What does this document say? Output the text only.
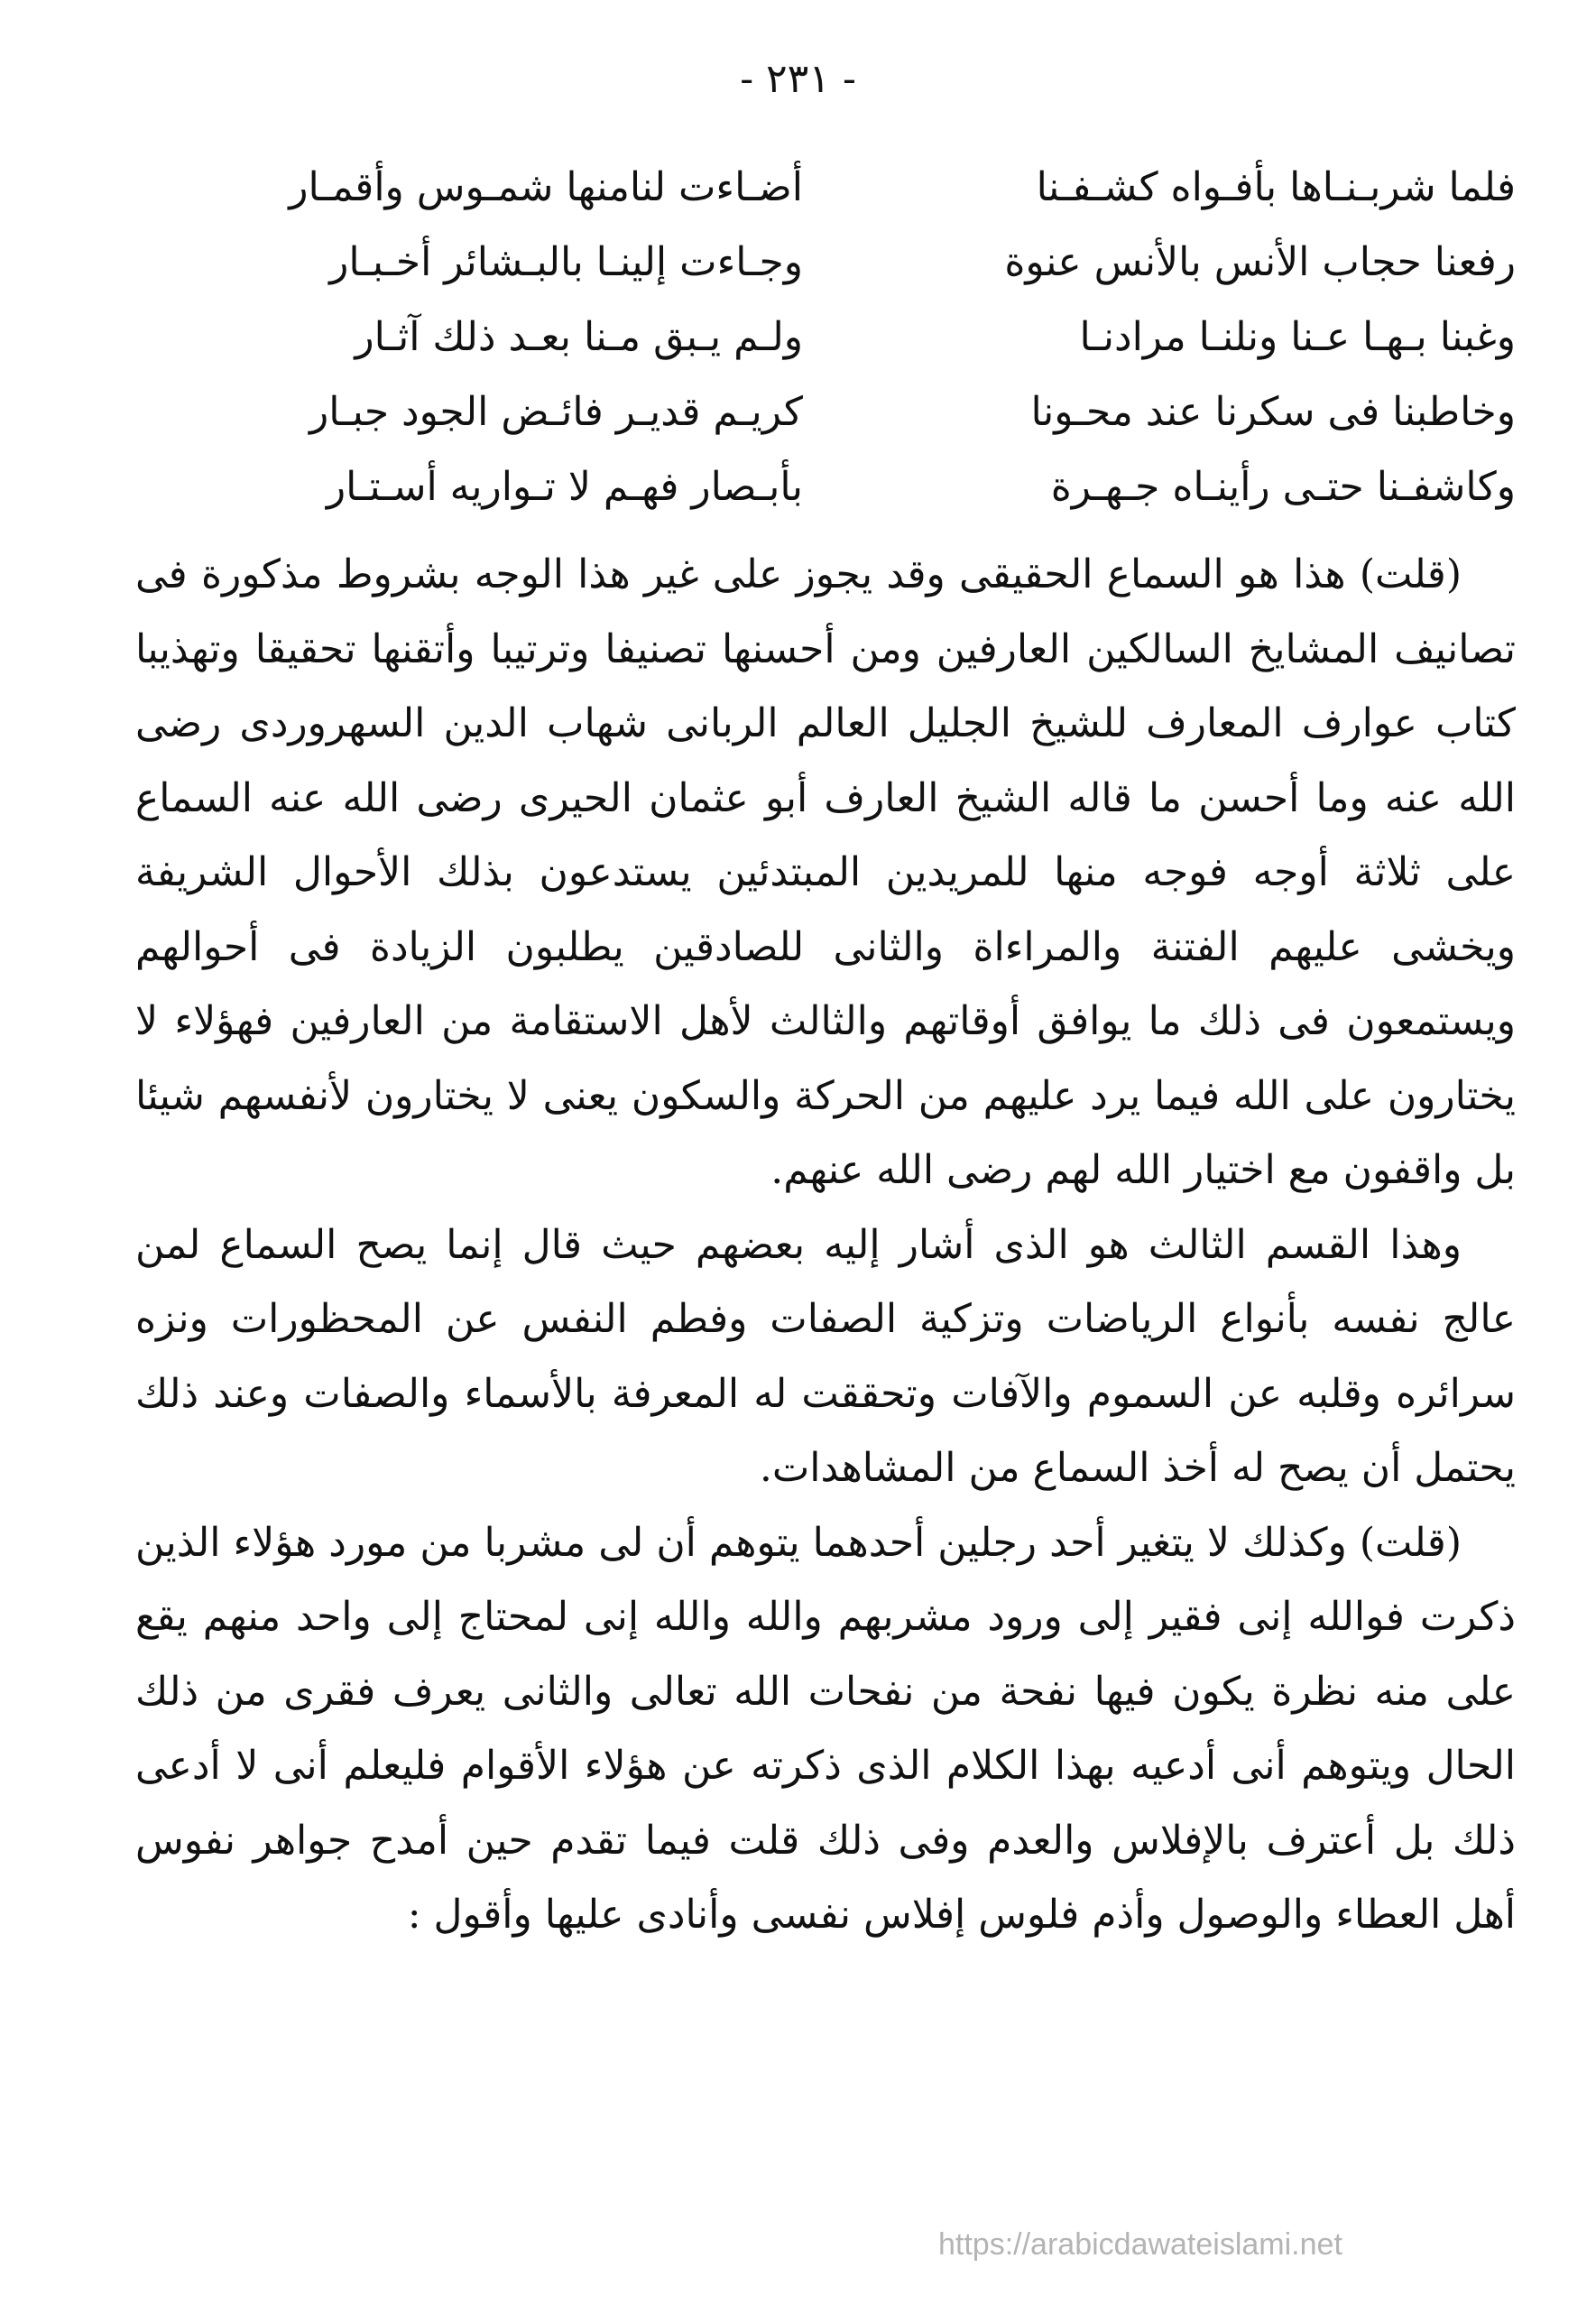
- ٢٣١ -
فلما شربـنـاها بأفـواه كشـفـنا
أضـاءت لنامنها شمـوس وأقمـار
رفعنا حجاب الأنس بالأنس عنوة
وجـاءت إلينـا بالبـشائر أخـبـار
وغبنا بـهـا عـنا ونلنـا مرادنـا
ولـم يـبق مـنا بعـد ذلك آثـار
وخاطبنا فى سكرنا عند محـونا
كريـم قديـر فائـض الجود جبـار
وكاشفـنا حتـى رأينـاه جـهـرة
بأبـصار فهـم لا تـواريه أسـتـار

(قلت) هذا هو السماع الحقيقى وقد يجوز على غير هذا الوجه بشروط مذكورة فى تصانيف المشايخ السالكين العارفين ومن أحسنها تصنيفا وترتيبا وأتقنها تحقيقا وتهذيبا كتاب عوارف المعارف للشيخ الجليل العالم الربانى شهاب الدين السهروردى رضى الله عنه وما أحسن ما قاله الشيخ العارف أبو عثمان الحيرى رضى الله عنه السماع على ثلاثة أوجه فوجه منها للمريدين المبتدئين يستدعون بذلك الأحوال الشريفة ويخشى عليهم الفتنة والمراءاة والثانى للصادقين يطلبون الزيادة فى أحوالهم ويستمعون فى ذلك ما يوافق أوقاتهم والثالث لأهل الاستقامة من العارفين فهؤلاء لا يختارون على الله فيما يرد عليهم من الحركة والسكون يعنى لا يختارون لأنفسهم شيئا بل واقفون مع اختيار الله لهم رضى الله عنهم.

وهذا القسم الثالث هو الذى أشار إليه بعضهم حيث قال إنما يصح السماع لمن عالج نفسه بأنواع الرياضات وتزكية الصفات وفطم النفس عن المحظورات ونزه سرائره وقلبه عن السموم والآفات وتحققت له المعرفة بالأسماء والصفات وعند ذلك يحتمل أن يصح له أخذ السماع من المشاهدات.

(قلت) وكذلك لا يتغير أحد رجلين أحدهما يتوهم أن لى مشربا من مورد هؤلاء الذين ذكرت فوالله إنى فقير إلى ورود مشربهم والله والله إنى لمحتاج إلى واحد منهم يقع على منه نظرة يكون فيها نفحة من نفحات الله تعالى والثانى يعرف فقرى من ذلك الحال ويتوهم أنى أدعيه بهذا الكلام الذى ذكرته عن هؤلاء الأقوام فليعلم أنى لا أدعى ذلك بل أعترف بالإفلاس والعدم وفى ذلك قلت فيما تقدم حين أمدح جواهر نفوس أهل العطاء والوصول وأذم فلوس إفلاس نفسى وأنادى عليها وأقول :

https://arabicdawateislami.net
